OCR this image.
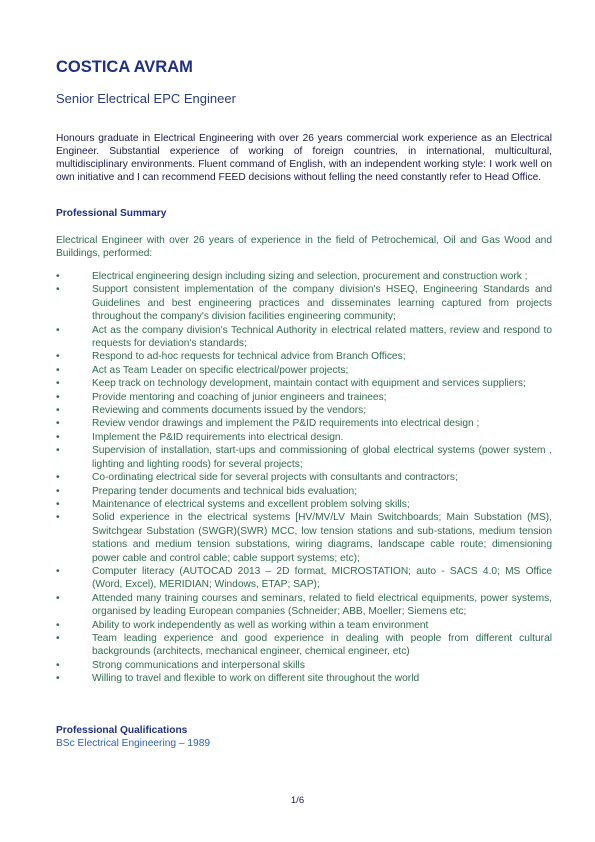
COSTICA AVRAM
Senior Electrical EPC Engineer

Honours graduate in Electrical Engineering with over 26 years commercial work experience as an Electrical Engineer. Substantial experience of working of foreign countries, in international, multicultural, multidisciplinary environments. Fluent command of English, with an independent working style: I work well on own initiative and I can recommend FEED decisions without felling the need constantly refer to Head Office.

Professional Summary

Electrical Engineer with over 26 years of experience in the field of Petrochemical, Oil and Gas Wood and Buildings, performed:

•	Electrical engineering design including sizing and selection, procurement and construction work ;
•	Support consistent implementation of the company division's HSEQ, Engineering Standards and Guidelines and best engineering practices and disseminates learning captured from projects throughout the company's division facilities engineering community;
•	Act as the company division's Technical Authority in electrical related matters, review and respond to requests for deviation's standards;
•	Respond to ad-hoc requests for technical advice from Branch Offices;
•	Act as Team Leader on specific electrical/power projects;
•	Keep track on technology development, maintain contact with equipment and services suppliers;
•	Provide mentoring and coaching of junior engineers and trainees;
•	Reviewing and comments documents issued by the vendors;
•	Review vendor drawings and implement the P&ID requirements into electrical design ;
•	Implement the P&ID requirements into electrical design.
•	Supervision of installation, start-ups and commissioning of global electrical systems (power system , lighting and lighting roods) for several projects;
•	Co-ordinating electrical side for several projects with consultants and contractors;
•	Preparing tender documents and technical bids evaluation;
•	Maintenance of electrical systems and excellent problem solving skills;
•	Solid experience in the electrical systems [HV/MV/LV Main Switchboards; Main Substation (MS), Switchgear Substation (SWGR)(SWR) MCC, low tension stations and sub-stations, medium tension stations and medium tension substations, wiring diagrams, landscape cable route; dimensioning power cable and control cable; cable support systems; etc);
•	Computer literacy (AUTOCAD 2013 – 2D format, MICROSTATION; auto - SACS 4.0; MS Office (Word, Excel), MERIDIAN; Windows, ETAP; SAP);
•	Attended many training courses and seminars, related to field electrical equipments, power systems, organised by leading European companies (Schneider; ABB, Moeller; Siemens etc;
•	Ability to work independently as well as working within a team environment
•	Team leading experience and good experience in dealing with people from different cultural backgrounds (architects, mechanical engineer, chemical engineer, etc)
•	Strong communications and interpersonal skills
•	Willing to travel and flexible to work on different site throughout the world
Professional Qualifications
BSc Electrical Engineering – 1989
1/6
